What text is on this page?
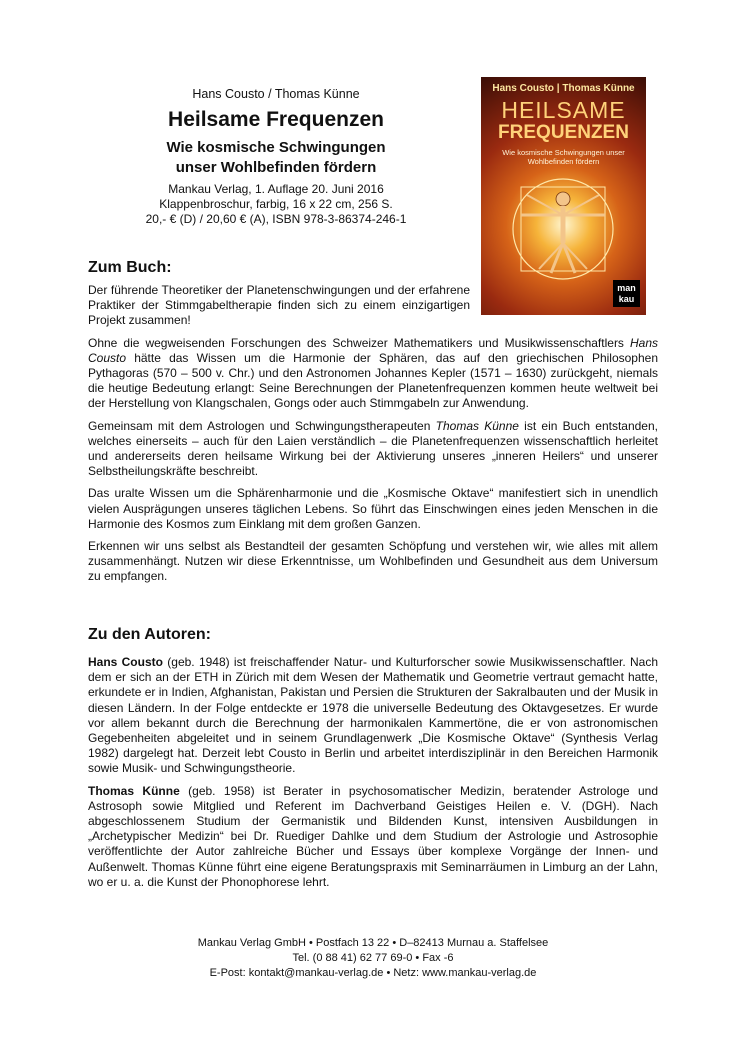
Hans Cousto / Thomas Künne
Heilsame Frequenzen
Wie kosmische Schwingungen
unser Wohlbefinden fördern
Mankau Verlag, 1. Auflage 20. Juni 2016
Klappenbroschur, farbig, 16 x 22 cm, 256 S.
20,- € (D) / 20,60 € (A), ISBN 978-3-86374-246-1
Hans Cousto | Thomas Künne
HEILSAME
FREQUENZEN
Wie kosmische Schwingungen unser Wohlbefinden fördern
man
kau
Zum Buch:

Der führende Theoretiker der Planetenschwingungen und der erfahrene Praktiker der Stimmgabeltherapie finden sich zu einem einzigartigen Projekt zusammen!

Ohne die wegweisenden Forschungen des Schweizer Mathematikers und Musikwissenschaftlers Hans Cousto hätte das Wissen um die Harmonie der Sphären, das auf den griechischen Philosophen Pythagoras (570 – 500 v. Chr.) und den Astronomen Johannes Kepler (1571 – 1630) zurückgeht, niemals die heutige Bedeutung erlangt: Seine Berechnungen der Planetenfrequenzen kommen heute weltweit bei der Herstellung von Klangschalen, Gongs oder auch Stimmgabeln zur Anwendung.

Gemeinsam mit dem Astrologen und Schwingungstherapeuten Thomas Künne ist ein Buch entstanden, welches einerseits – auch für den Laien verständlich – die Planetenfrequenzen wissenschaftlich herleitet und andererseits deren heilsame Wirkung bei der Aktivierung unseres „inneren Heilers“ und unserer Selbstheilungskräfte beschreibt.

Das uralte Wissen um die Sphärenharmonie und die „Kosmische Oktave“ manifestiert sich in unendlich vielen Ausprägungen unseres täglichen Lebens. So führt das Einschwingen eines jeden Menschen in die Harmonie des Kosmos zum Einklang mit dem großen Ganzen.

Erkennen wir uns selbst als Bestandteil der gesamten Schöpfung und verstehen wir, wie alles mit allem zusammenhängt. Nutzen wir diese Erkenntnisse, um Wohlbefinden und Gesundheit aus dem Universum zu empfangen.

Zu den Autoren:

Hans Cousto (geb. 1948) ist freischaffender Natur- und Kulturforscher sowie Musikwissenschaftler. Nach dem er sich an der ETH in Zürich mit dem Wesen der Mathematik und Geometrie vertraut gemacht hatte, erkundete er in Indien, Afghanistan, Pakistan und Persien die Strukturen der Sakralbauten und der Musik in diesen Ländern. In der Folge entdeckte er 1978 die universelle Bedeutung des Oktavgesetzes. Er wurde vor allem bekannt durch die Berechnung der harmonikalen Kammertöne, die er von astronomischen Gegebenheiten abgeleitet und in seinem Grundlagenwerk „Die Kosmische Oktave“ (Synthesis Verlag 1982) dargelegt hat. Derzeit lebt Cousto in Berlin und arbeitet interdisziplinär in den Bereichen Harmonik sowie Musik- und Schwingungstheorie.

Thomas Künne (geb. 1958) ist Berater in psychosomatischer Medizin, beratender Astrologe und Astrosoph sowie Mitglied und Referent im Dachverband Geistiges Heilen e. V. (DGH). Nach abgeschlossenem Studium der Germanistik und Bildenden Kunst, intensiven Ausbildungen in „Archetypischer Medizin“ bei Dr. Ruediger Dahlke und dem Studium der Astrologie und Astrosophie veröffentlichte der Autor zahlreiche Bücher und Essays über komplexe Vorgänge der Innen- und Außenwelt. Thomas Künne führt eine eigene Beratungspraxis mit Seminarräumen in Limburg an der Lahn, wo er u. a. die Kunst der Phonophorese lehrt.

Mankau Verlag GmbH • Postfach 13 22 • D–82413 Murnau a. Staffelsee
Tel. (0 88 41) 62 77 69-0 • Fax -6
E-Post: kontakt@mankau-verlag.de • Netz: www.mankau-verlag.de
